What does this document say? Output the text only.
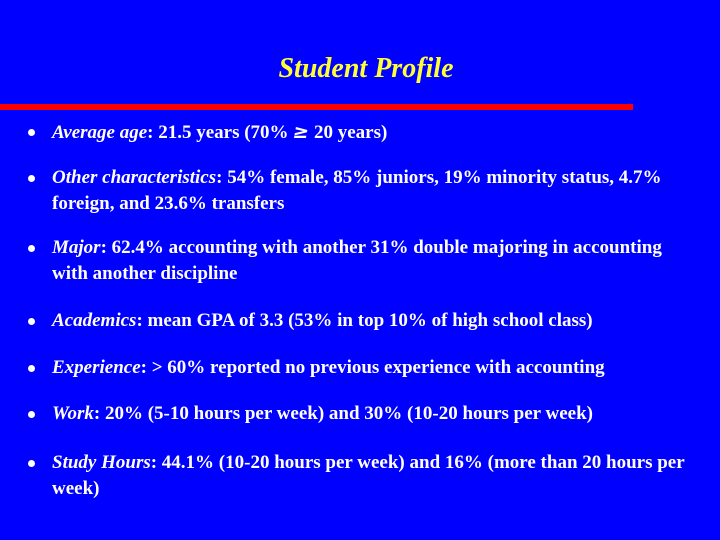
Student Profile
Average age: 21.5 years (70% ≥ 20 years)
Other characteristics: 54% female, 85% juniors, 19% minority status, 4.7% foreign, and 23.6% transfers
Major: 62.4% accounting with another 31% double majoring in accounting with another discipline
Academics: mean GPA of 3.3 (53% in top 10% of high school class)
Experience: > 60% reported no previous experience with accounting
Work: 20% (5-10 hours per week) and 30% (10-20 hours per week)
Study Hours: 44.1% (10-20 hours per week) and 16% (more than 20 hours per week)
